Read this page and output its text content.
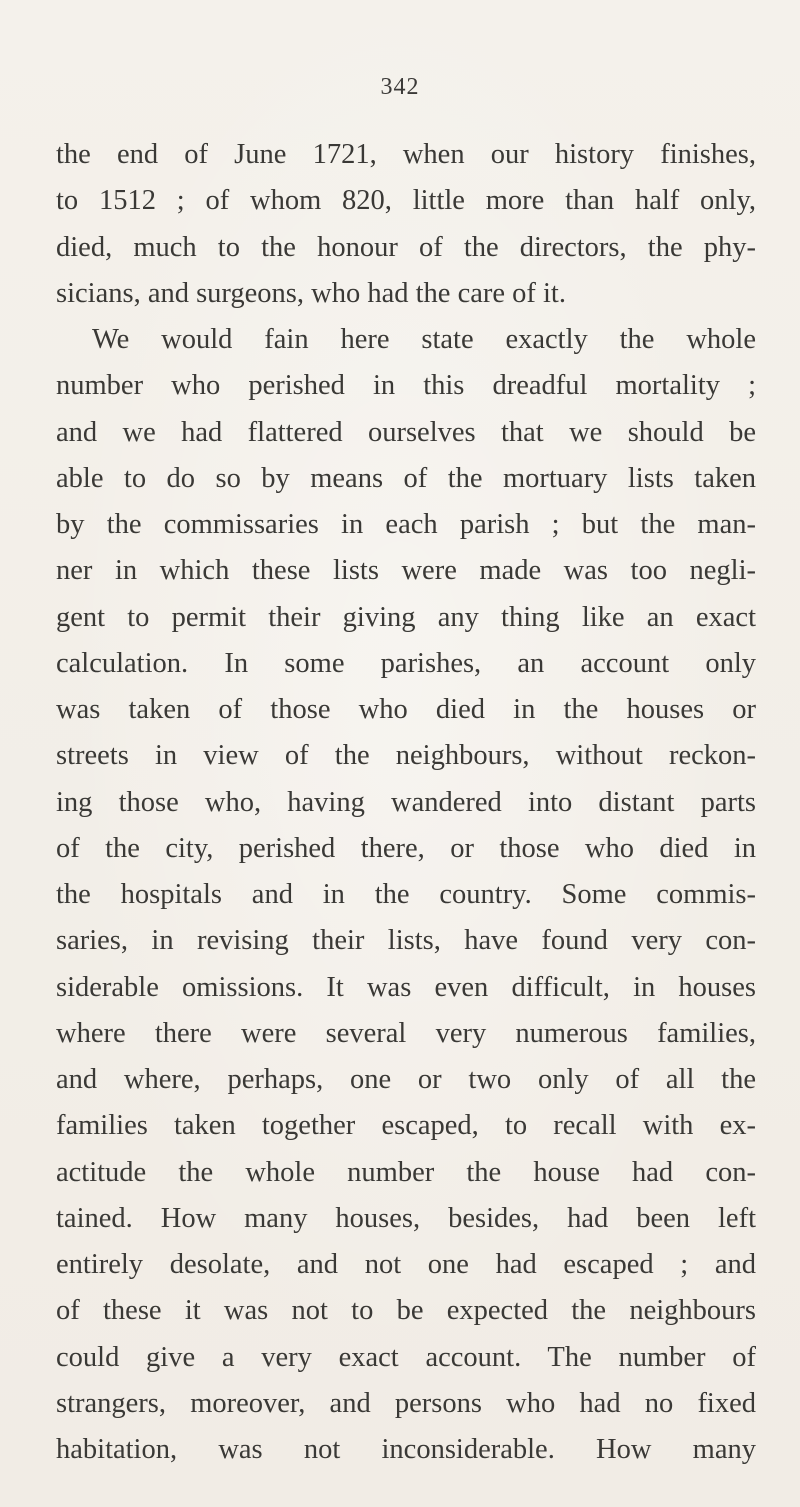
342
the end of June 1721, when our history finishes,
to 1512 ; of whom 820, little more than half only,
died, much to the honour of the directors, the phy-
sicians, and surgeons, who had the care of it.
We would fain here state exactly the whole
number who perished in this dreadful mortality ;
and we had flattered ourselves that we should be
able to do so by means of the mortuary lists taken
by the commissaries in each parish ; but the man-
ner in which these lists were made was too negli-
gent to permit their giving any thing like an exact
calculation. In some parishes, an account only
was taken of those who died in the houses or
streets in view of the neighbours, without reckon-
ing those who, having wandered into distant parts
of the city, perished there, or those who died in
the hospitals and in the country. Some commis-
saries, in revising their lists, have found very con-
siderable omissions. It was even difficult, in houses
where there were several very numerous families,
and where, perhaps, one or two only of all the
families taken together escaped, to recall with ex-
actitude the whole number the house had con-
tained. How many houses, besides, had been left
entirely desolate, and not one had escaped ; and
of these it was not to be expected the neighbours
could give a very exact account. The number of
strangers, moreover, and persons who had no fixed
habitation, was not inconsiderable. How many
